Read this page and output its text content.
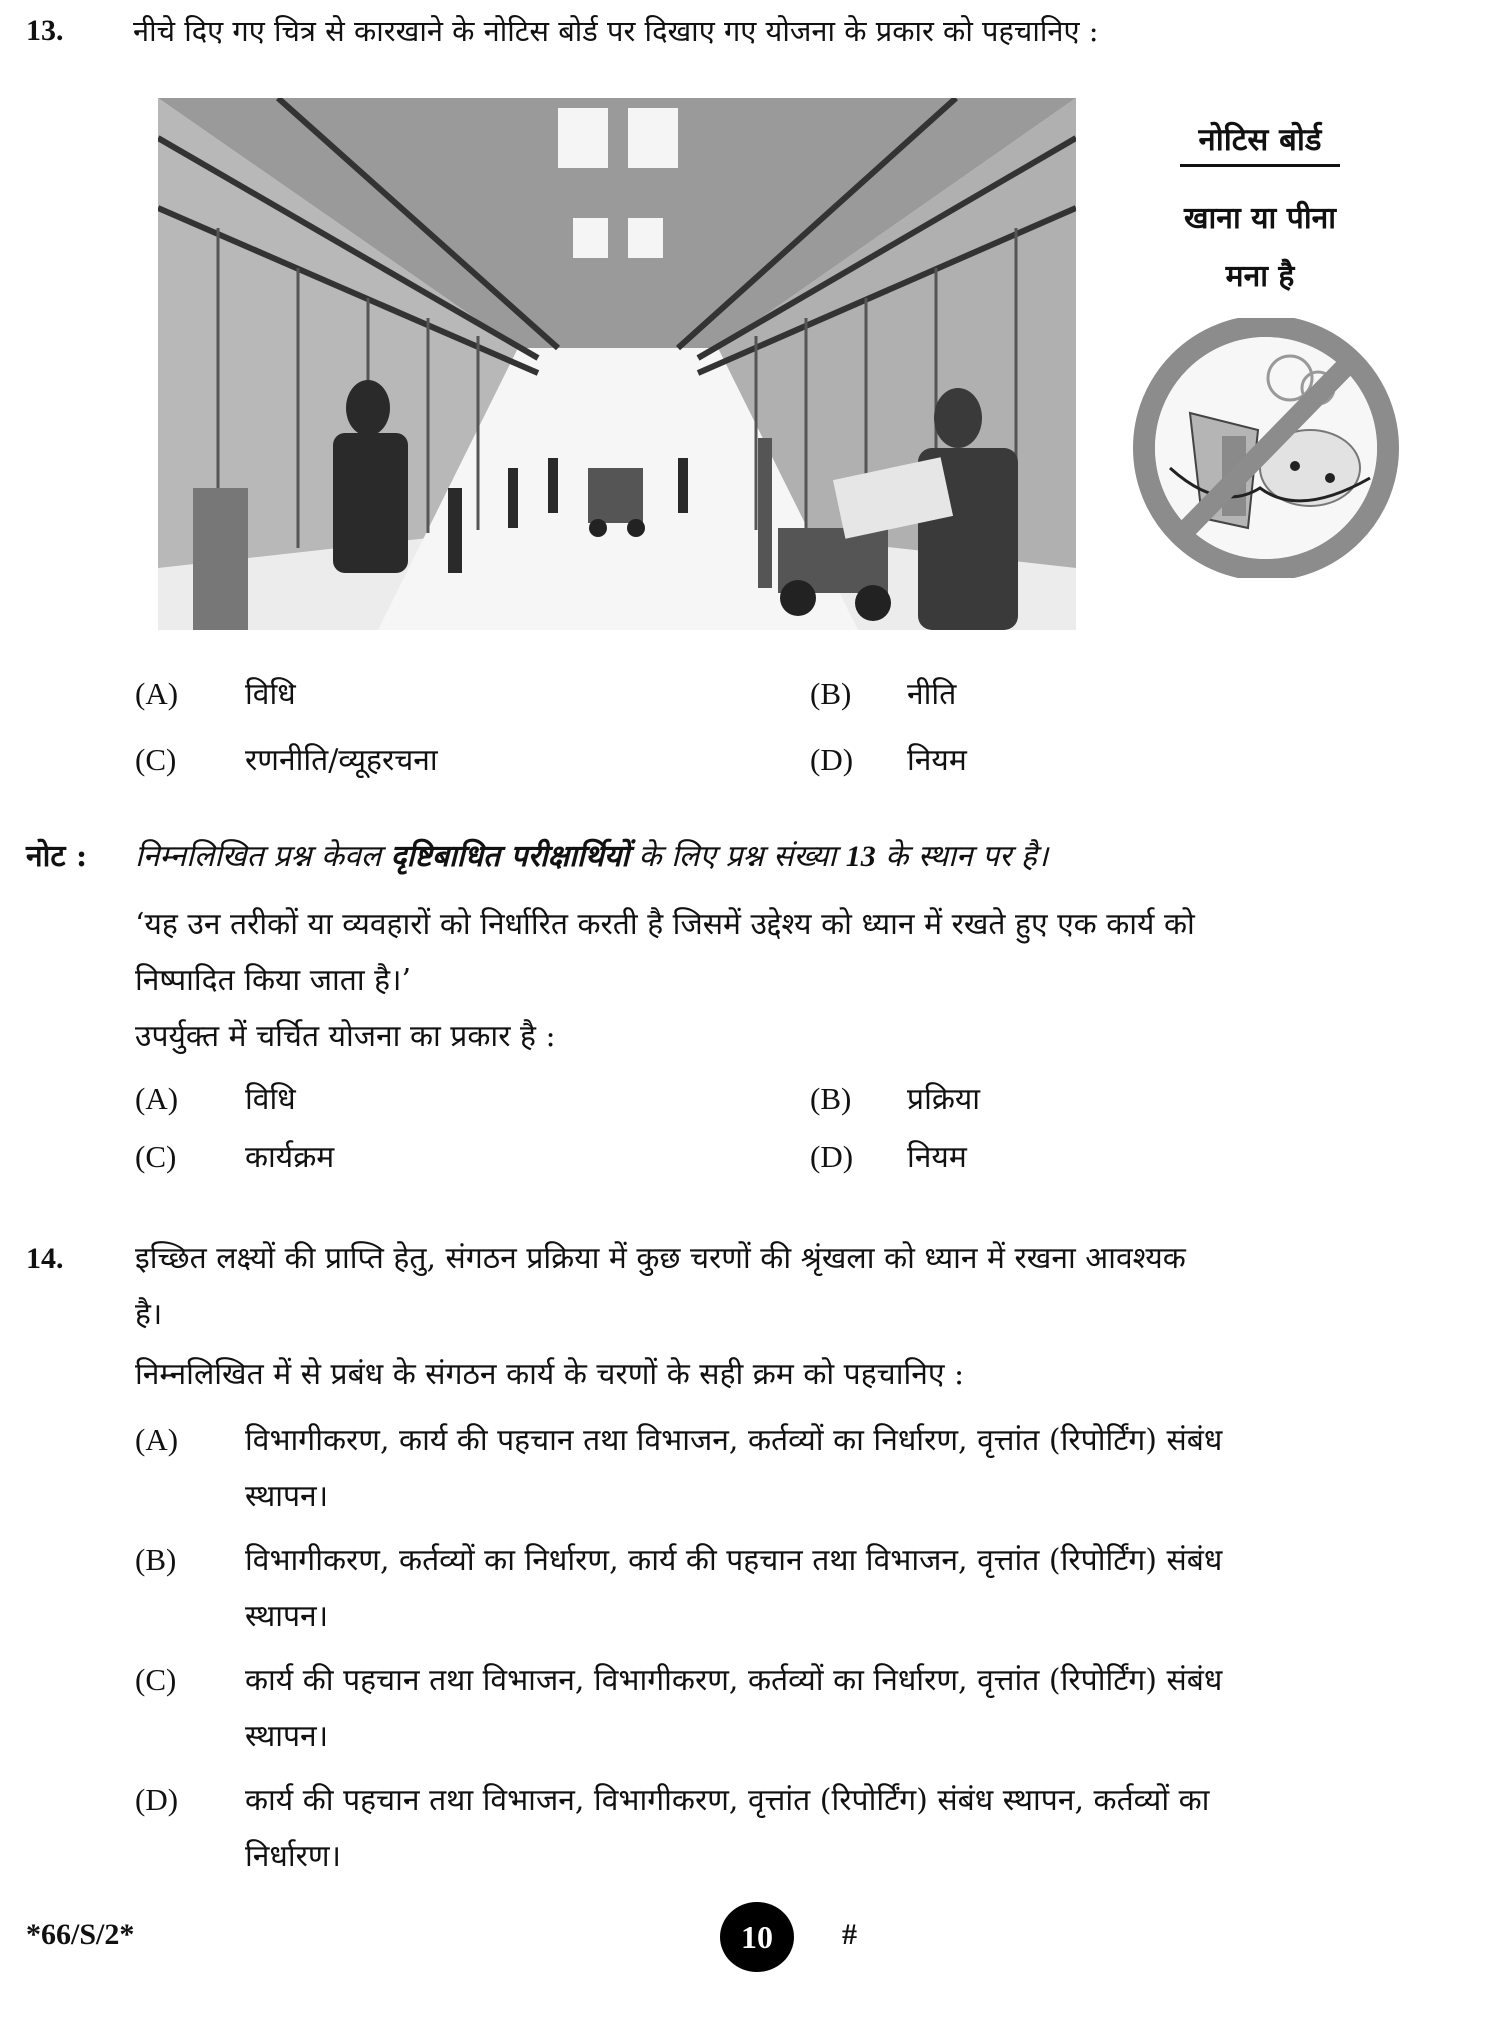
13. नीचे दिए गए चित्र से कारखाने के नोटिस बोर्ड पर दिखाए गए योजना के प्रकार को पहचानिए :
नोटिस बोर्ड
खाना या पीना
मना है
(A)	विधि	(B)	नीति
(C)	रणनीति/व्यूहरचना	(D)	नियम
नोट : निम्नलिखित प्रश्न केवल दृष्टिबाधित परीक्षार्थियों के लिए प्रश्न संख्या 13 के स्थान पर है।
‘यह उन तरीकों या व्यवहारों को निर्धारित करती है जिसमें उद्देश्य को ध्यान में रखते हुए एक कार्य को
निष्पादित किया जाता है।’
उपर्युक्त में चर्चित योजना का प्रकार है :
(A)	विधि	(B)	प्रक्रिया
(C)	कार्यक्रम	(D)	नियम
14. इच्छित लक्ष्यों की प्राप्ति हेतु, संगठन प्रक्रिया में कुछ चरणों की श्रृंखला को ध्यान में रखना आवश्यक
है।
निम्नलिखित में से प्रबंध के संगठन कार्य के चरणों के सही क्रम को पहचानिए :
(A) विभागीकरण, कार्य की पहचान तथा विभाजन, कर्तव्यों का निर्धारण, वृत्तांत (रिपोर्टिंग) संबंध
स्थापन।
(B) विभागीकरण, कर्तव्यों का निर्धारण, कार्य की पहचान तथा विभाजन, वृत्तांत (रिपोर्टिंग) संबंध
स्थापन।
(C) कार्य की पहचान तथा विभाजन, विभागीकरण, कर्तव्यों का निर्धारण, वृत्तांत (रिपोर्टिंग) संबंध
स्थापन।
(D) कार्य की पहचान तथा विभाजन, विभागीकरण, वृत्तांत (रिपोर्टिंग) संबंध स्थापन, कर्तव्यों का
निर्धारण।
*66/S/2*	10 #
